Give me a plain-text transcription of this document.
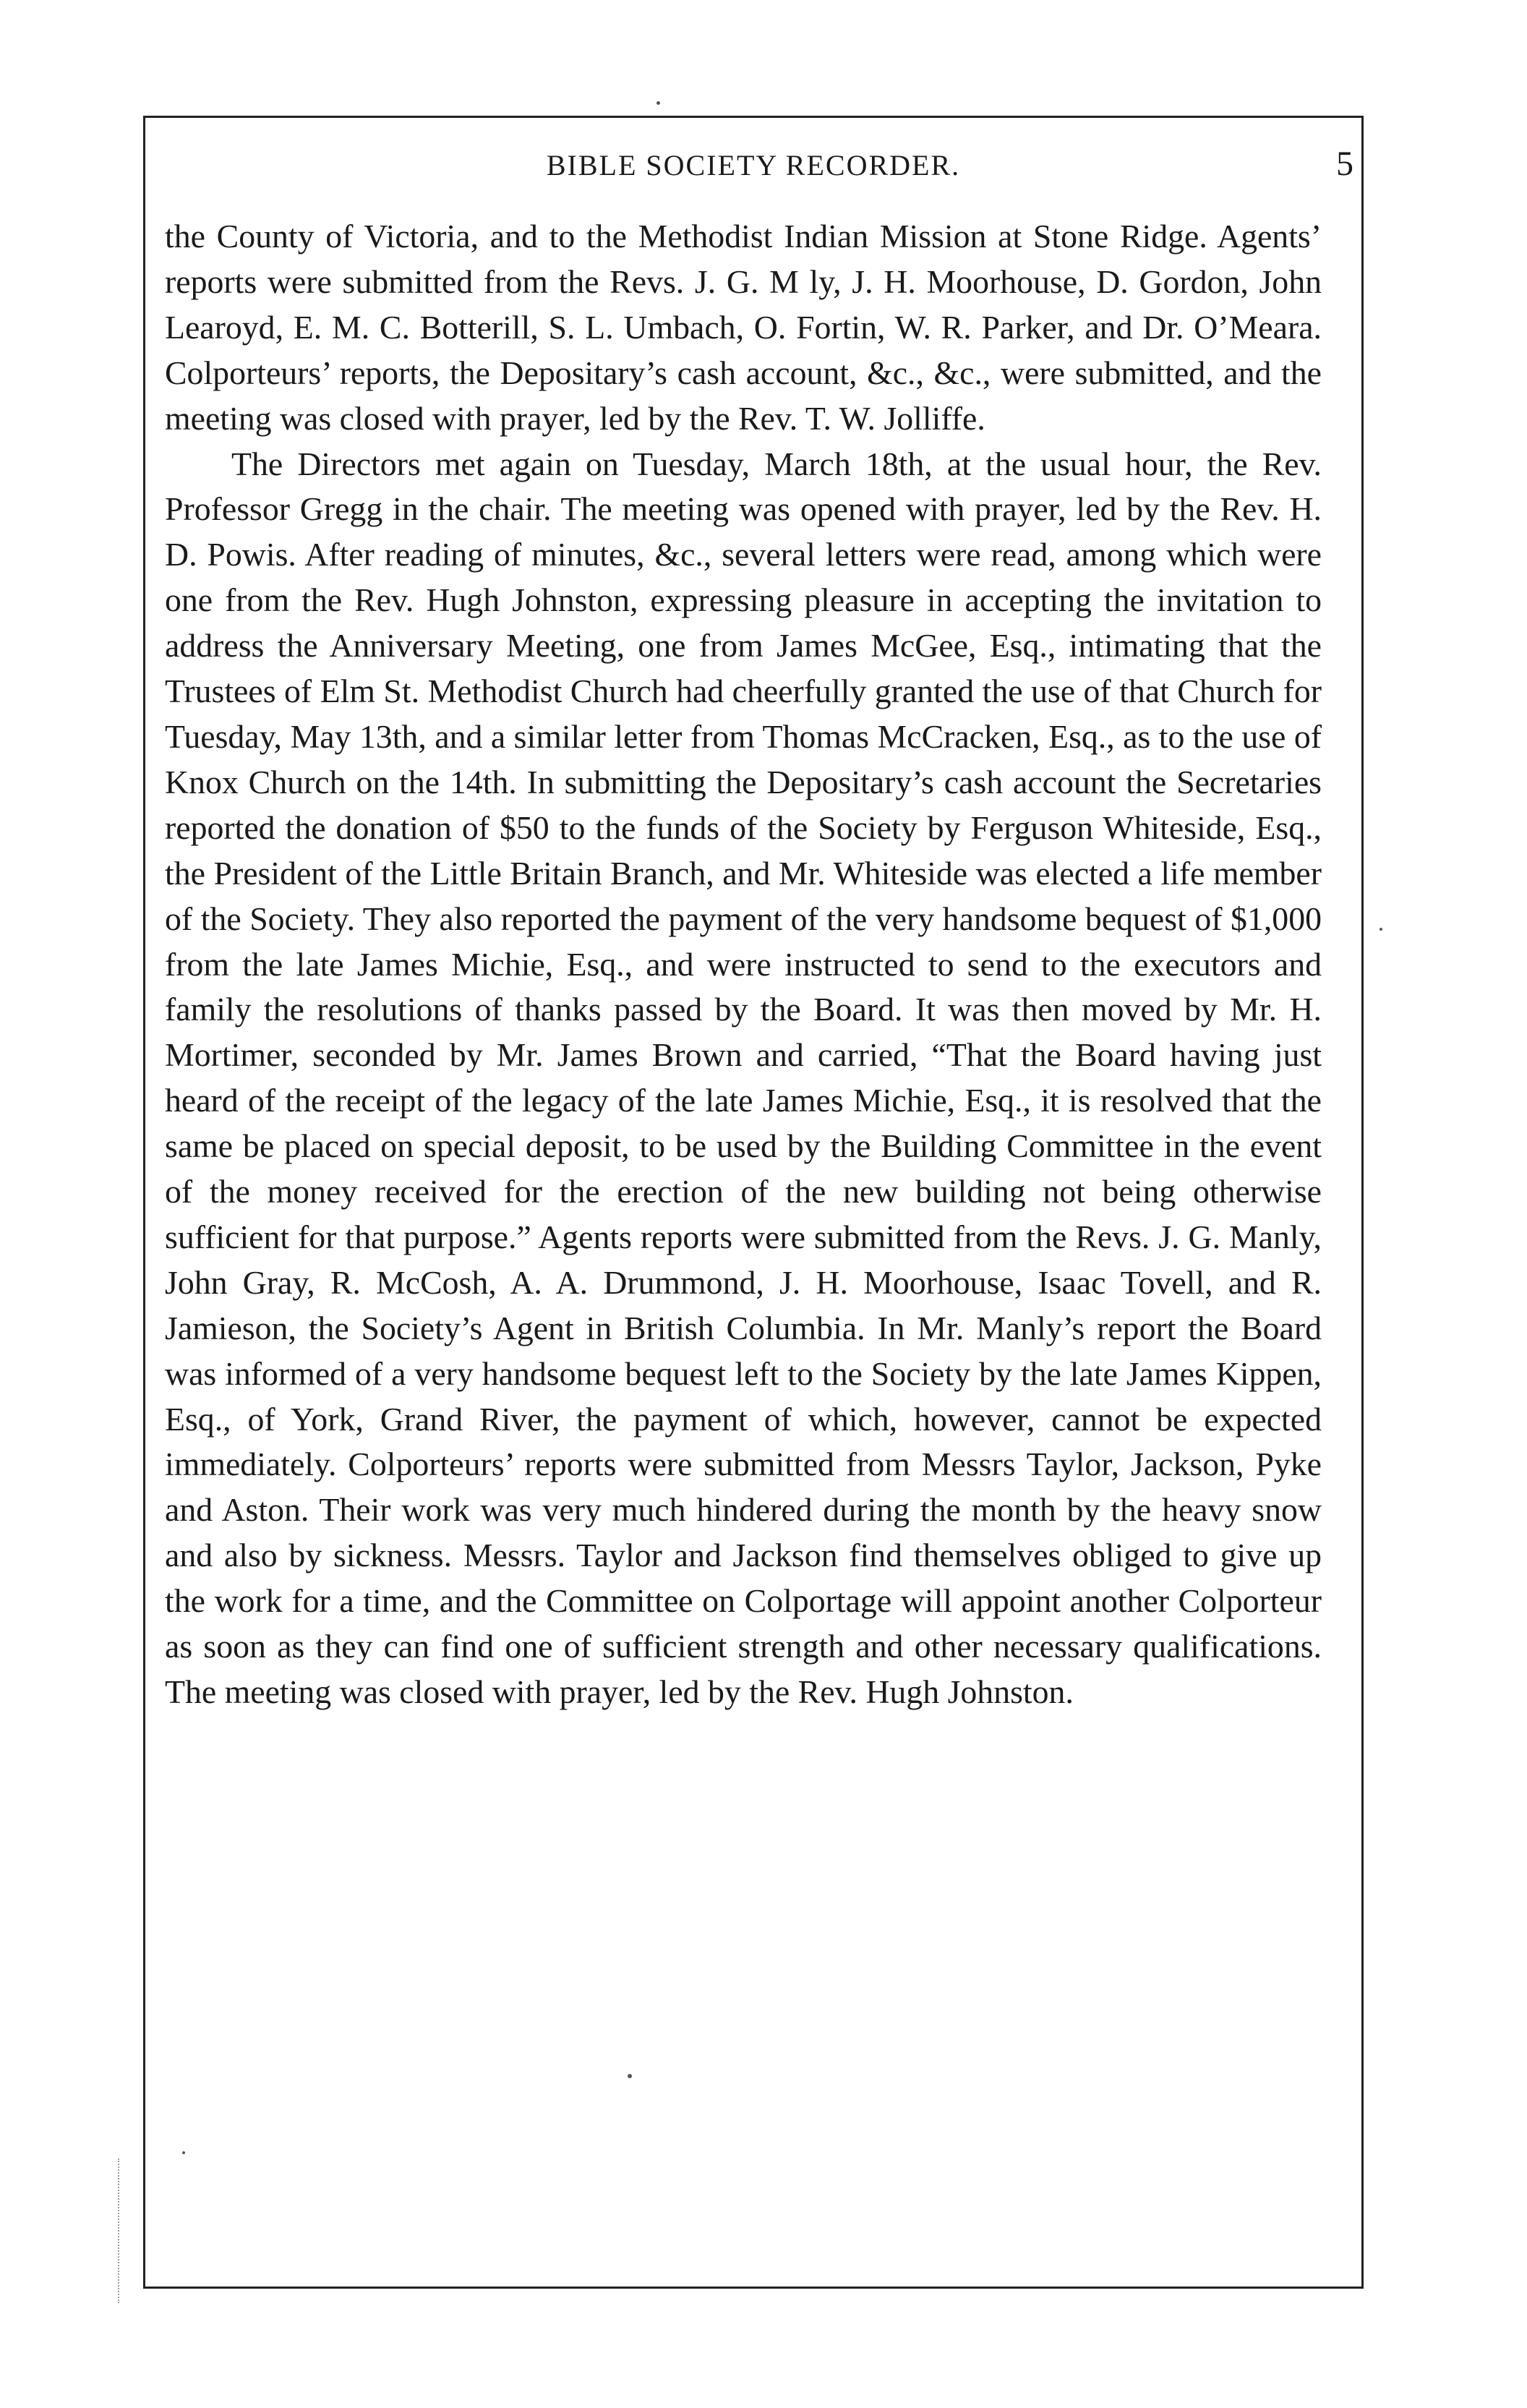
BIBLE SOCIETY RECORDER.	5

the County of Victoria, and to the Methodist Indian Mission at Stone Ridge. Agents’ reports were submitted from the Revs. J. G. M ly, J. H. Moorhouse, D. Gordon, John Learoyd, E. M. C. Botterill, S. L. Umbach, O. Fortin, W. R. Parker, and Dr. O’Meara. Colporteurs’ reports, the Depositary’s cash account, &c., &c., were submitted, and the meeting was closed with prayer, led by the Rev. T. W. Jolliffe.

The Directors met again on Tuesday, March 18th, at the usual hour, the Rev. Professor Gregg in the chair. The meeting was opened with prayer, led by the Rev. H. D. Powis. After reading of minutes, &c., several letters were read, among which were one from the Rev. Hugh Johnston, expressing pleasure in accepting the invitation to address the Anniversary Meeting, one from James McGee, Esq., intimating that the Trustees of Elm St. Methodist Church had cheerfully granted the use of that Church for Tuesday, May 13th, and a similar letter from Thomas McCracken, Esq., as to the use of Knox Church on the 14th. In submitting the Depositary’s cash account the Secretaries reported the donation of $50 to the funds of the Society by Ferguson Whiteside, Esq., the President of the Little Britain Branch, and Mr. Whiteside was elected a life member of the Society. They also reported the payment of the very handsome bequest of $1,000 from the late James Michie, Esq., and were instructed to send to the executors and family the resolutions of thanks passed by the Board. It was then moved by Mr. H. Mortimer, seconded by Mr. James Brown and carried, “That the Board having just heard of the receipt of the legacy of the late James Michie, Esq., it is resolved that the same be placed on special deposit, to be used by the Building Committee in the event of the money received for the erection of the new building not being otherwise sufficient for that purpose.” Agents reports were submitted from the Revs. J. G. Manly, John Gray, R. McCosh, A. A. Drummond, J. H. Moorhouse, Isaac Tovell, and R. Jamieson, the Society’s Agent in British Columbia. In Mr. Manly’s report the Board was informed of a very handsome bequest left to the Society by the late James Kippen, Esq., of York, Grand River, the payment of which, however, cannot be expected immediately. Colporteurs’ reports were submitted from Messrs Taylor, Jackson, Pyke and Aston. Their work was very much hindered during the month by the heavy snow and also by sickness. Messrs. Taylor and Jackson find themselves obliged to give up the work for a time, and the Committee on Colportage will appoint another Colporteur as soon as they can find one of sufficient strength and other necessary qualifications. The meeting was closed with prayer, led by the Rev. Hugh Johnston.
